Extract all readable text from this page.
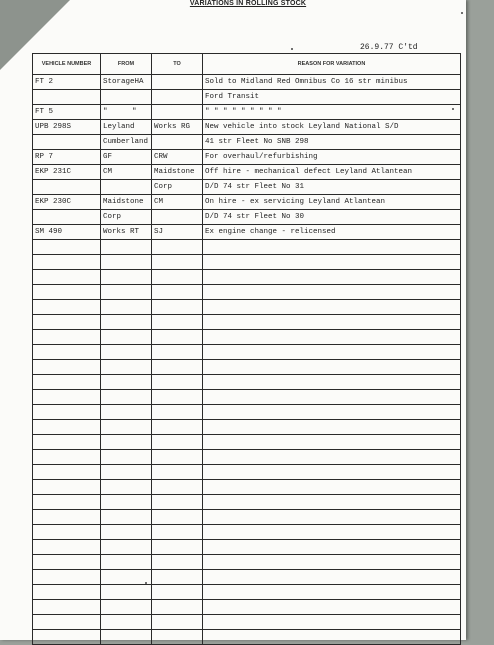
VARIATIONS IN ROLLING STOCK
26.9.77 C'td
VEHICLE NUMBER	FROM	TO	REASON FOR VARIATION
FT 2	StorageHA		Sold to Midland Red Omnibus Co 16 str minibus
			Ford Transit
FT 5	" "		" " " " " " " " "
UPB 298S	Leyland	Works RG	New vehicle into stock Leyland National S/D
	Cumberland		41 str Fleet No SNB 298
RP 7	GF	CRW	For overhaul/refurbishing
EKP 231C	CM	Maidstone	Off hire - mechanical defect Leyland Atlantean
		Corp	D/D 74 str Fleet No 31
EKP 230C	Maidstone	CM	On hire - ex servicing Leyland Atlantean
	Corp		D/D 74 str Fleet No 30
SM 490	Works RT	SJ	Ex engine change - relicensed
